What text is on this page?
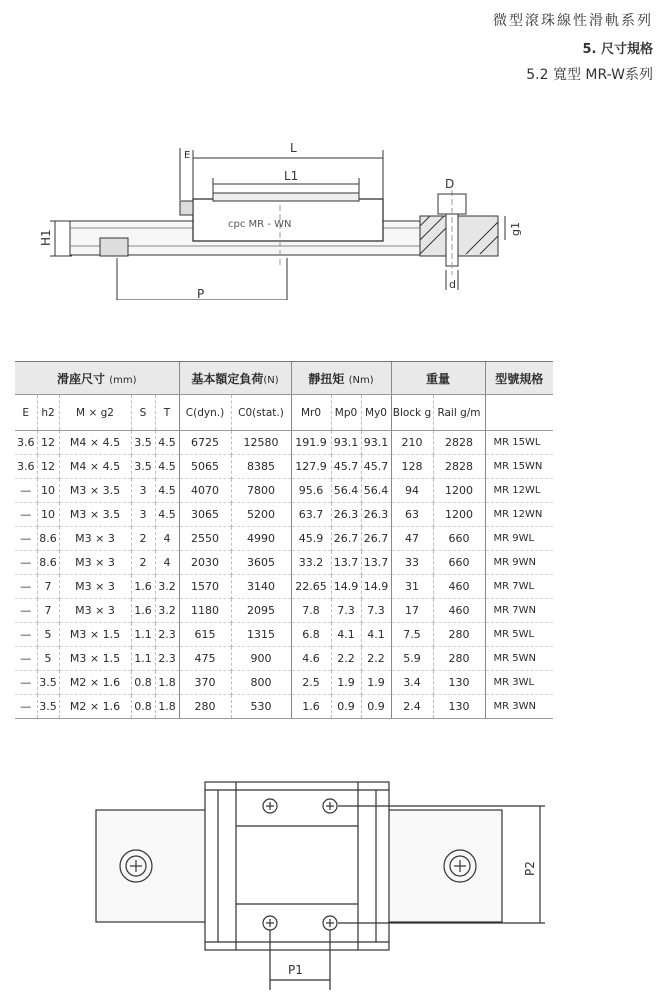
微型滾珠線性滑軌系列
5. 尺寸規格
5.2 寬型 MR-W系列
E
L
L1
D
H1
g1
P
d
cpc MR - WN
滑座尺寸 (mm)					基本額定負荷(N)		靜扭矩 (Nm)			重量		型號規格
E	h2	M × g2	S	T	C(dyn.)	C0(stat.)	Mr0	Mp0	My0	Block g	Rail g/m	
3.6	12	M4 × 4.5	3.5	4.5	6725	12580	191.9	93.1	93.1	210	2828	MR 15WL
3.6	12	M4 × 4.5	3.5	4.5	5065	8385	127.9	45.7	45.7	128	2828	MR 15WN
—	10	M3 × 3.5	3	4.5	4070	7800	95.6	56.4	56.4	94	1200	MR 12WL
—	10	M3 × 3.5	3	4.5	3065	5200	63.7	26.3	26.3	63	1200	MR 12WN
—	8.6	M3 × 3	2	4	2550	4990	45.9	26.7	26.7	47	660	MR 9WL
—	8.6	M3 × 3	2	4	2030	3605	33.2	13.7	13.7	33	660	MR 9WN
—	7	M3 × 3	1.6	3.2	1570	3140	22.65	14.9	14.9	31	460	MR 7WL
—	7	M3 × 3	1.6	3.2	1180	2095	7.8	7.3	7.3	17	460	MR 7WN
—	5	M3 × 1.5	1.1	2.3	615	1315	6.8	4.1	4.1	7.5	280	MR 5WL
—	5	M3 × 1.5	1.1	2.3	475	900	4.6	2.2	2.2	5.9	280	MR 5WN
—	3.5	M2 × 1.6	0.8	1.8	370	800	2.5	1.9	1.9	3.4	130	MR 3WL
—	3.5	M2 × 1.6	0.8	1.8	280	530	1.6	0.9	0.9	2.4	130	MR 3WN
P1
P2
